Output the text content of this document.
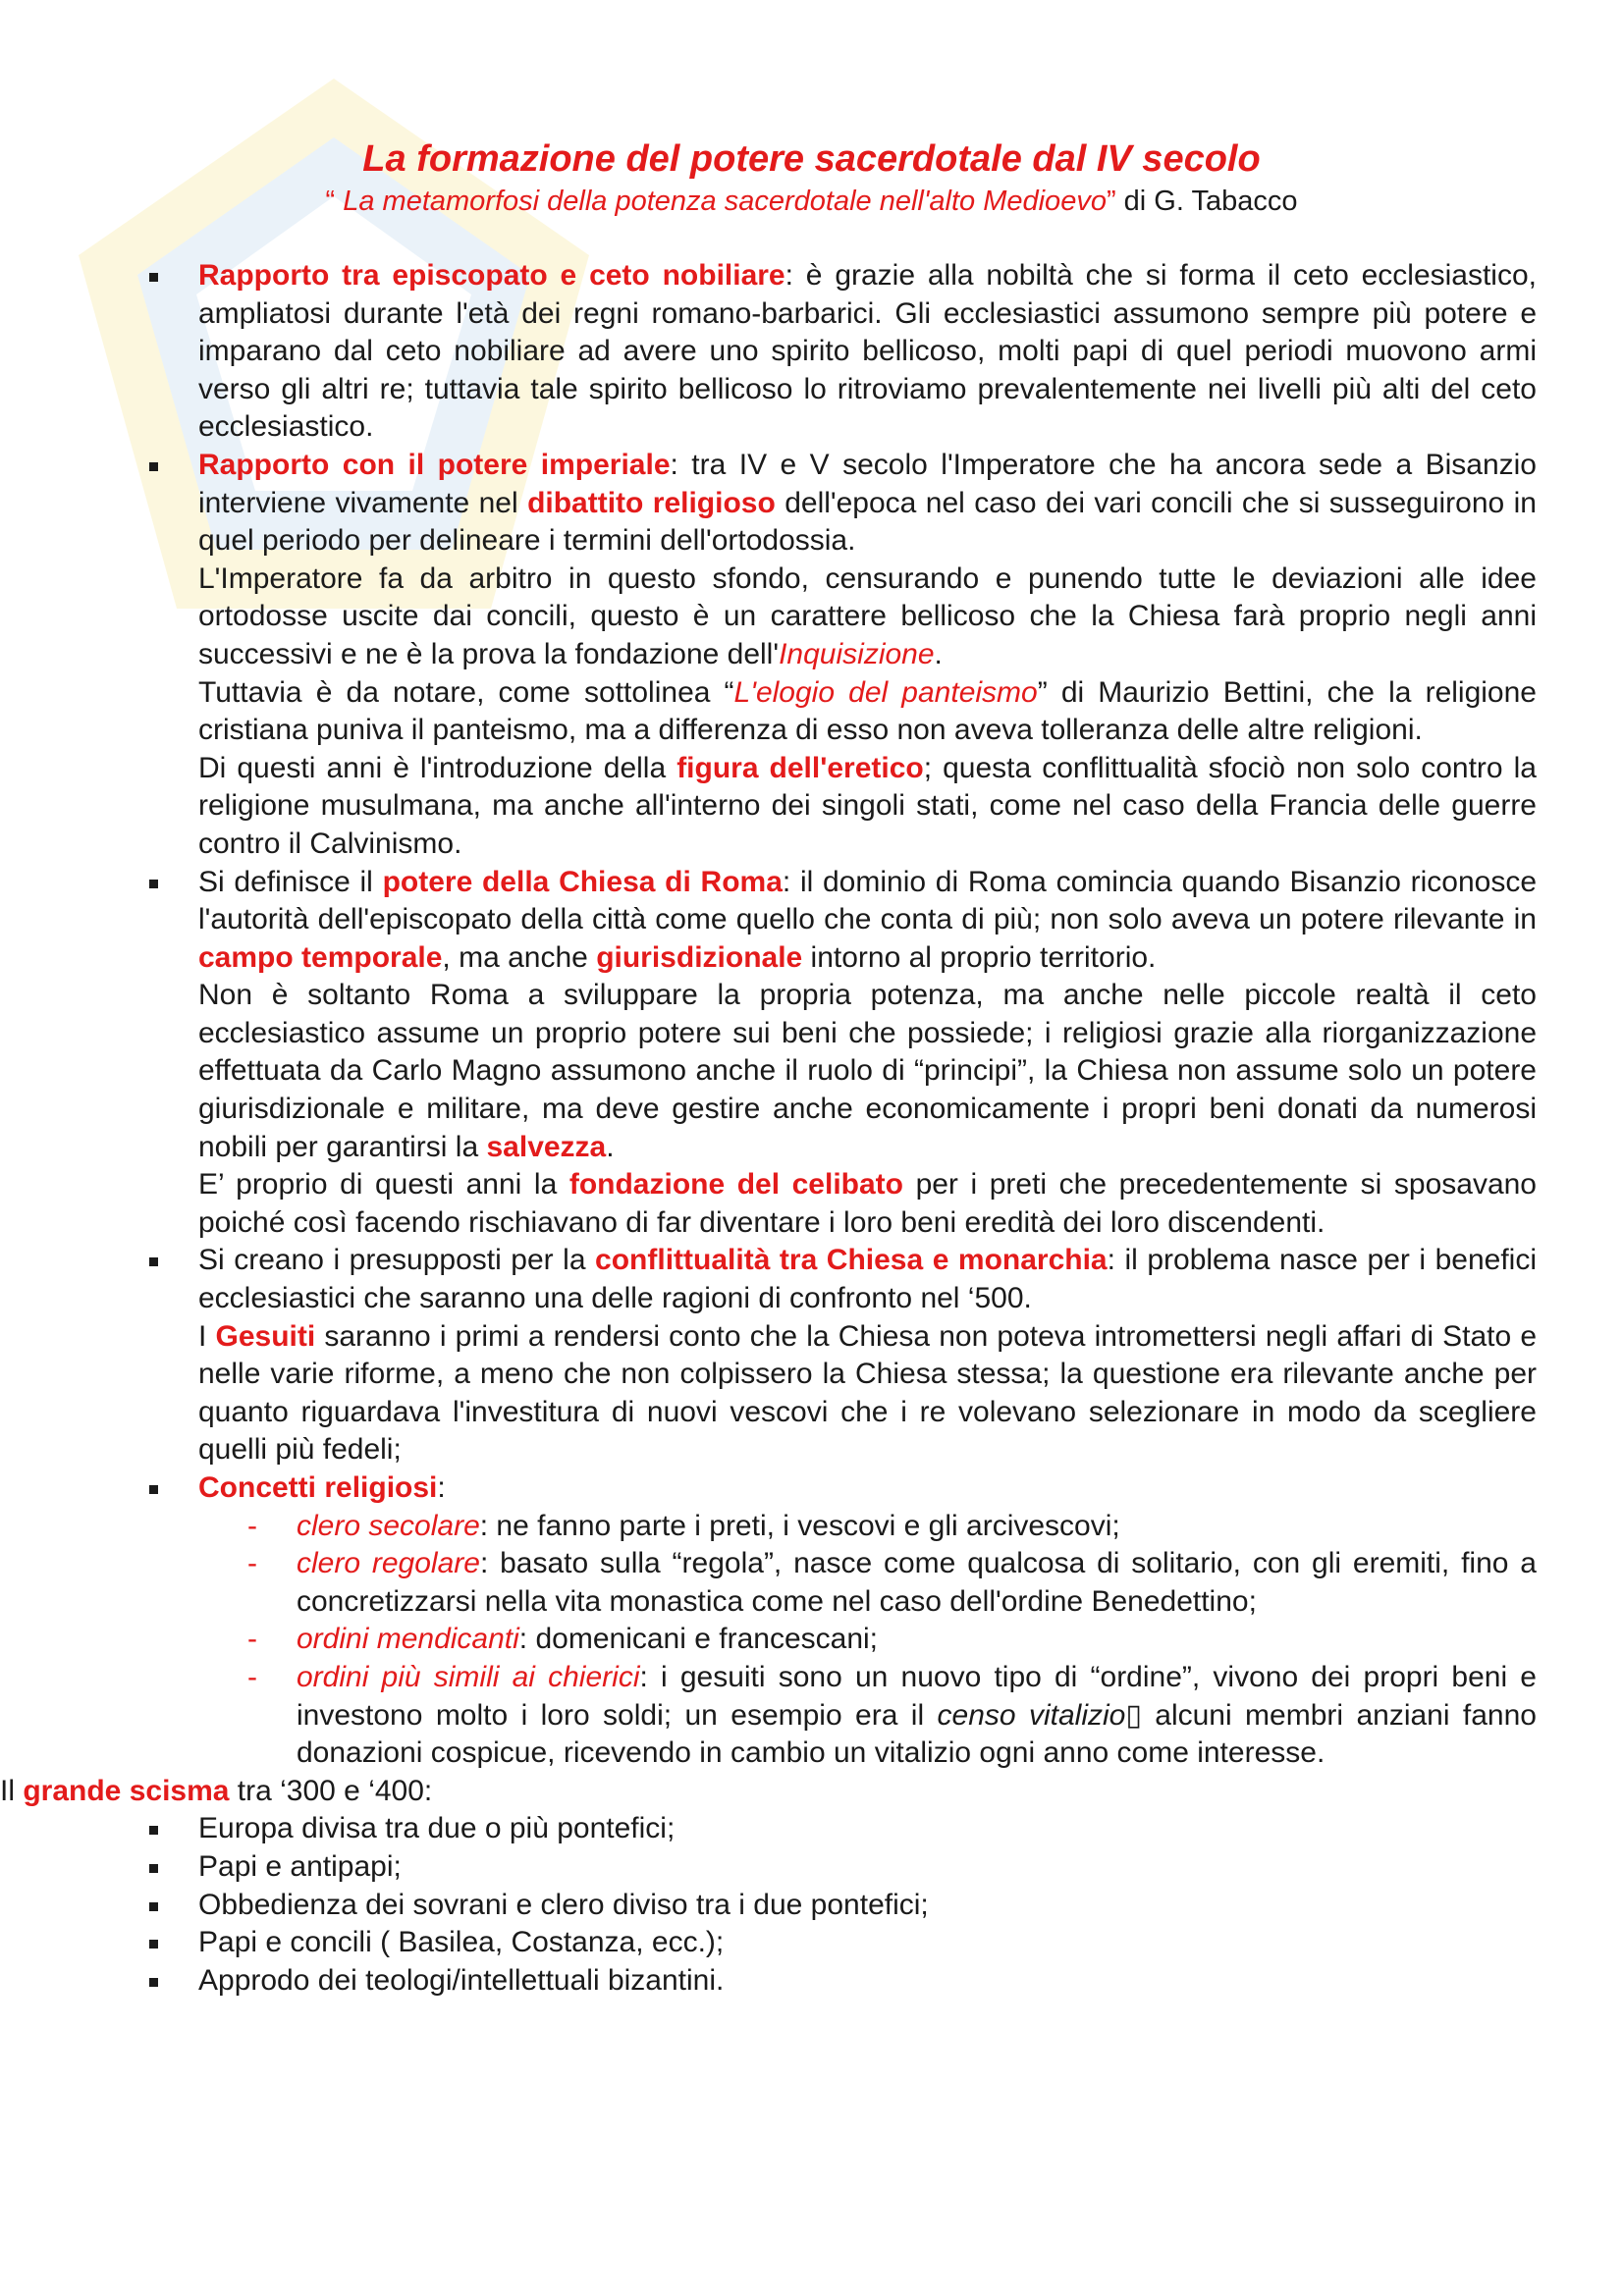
La formazione del potere sacerdotale dal IV secolo
“ La metamorfosi della potenza sacerdotale nell'alto Medioevo” di G. Tabacco
Rapporto tra episcopato e ceto nobiliare: è grazie alla nobiltà che si forma il ceto ecclesiastico, ampliatosi durante l'età dei regni romano-barbarici. Gli ecclesiastici assumono sempre più potere e imparano dal ceto nobiliare ad avere uno spirito bellicoso, molti papi di quel periodi muovono armi verso gli altri re; tuttavia tale spirito bellicoso lo ritroviamo prevalentemente nei livelli più alti del ceto ecclesiastico.

Rapporto con il potere imperiale: tra IV e V secolo l'Imperatore che ha ancora sede a Bisanzio interviene vivamente nel dibattito religioso dell'epoca nel caso dei vari concili che si susseguirono in quel periodo per delineare i termini dell'ortodossia.

L'Imperatore fa da arbitro in questo sfondo, censurando e punendo tutte le deviazioni alle idee ortodosse uscite dai concili, questo è un carattere bellicoso che la Chiesa farà proprio negli anni successivi e ne è la prova la fondazione dell'Inquisizione.

Tuttavia è da notare, come sottolinea “L'elogio del panteismo” di Maurizio Bettini, che la religione cristiana puniva il panteismo, ma a differenza di esso non aveva tolleranza delle altre religioni.

Di questi anni è l'introduzione della figura dell'eretico; questa conflittualità sfociò non solo contro la religione musulmana, ma anche all'interno dei singoli stati, come nel caso della Francia delle guerre contro il Calvinismo.

Si definisce il potere della Chiesa di Roma: il dominio di Roma comincia quando Bisanzio riconosce l'autorità dell'episcopato della città come quello che conta di più; non solo aveva un potere rilevante in campo temporale, ma anche giurisdizionale intorno al proprio territorio.

Non è soltanto Roma a sviluppare la propria potenza, ma anche nelle piccole realtà il ceto ecclesiastico assume un proprio potere sui beni che possiede; i religiosi grazie alla riorganizzazione effettuata da Carlo Magno assumono anche il ruolo di “principi”, la Chiesa non assume solo un potere giurisdizionale e militare, ma deve gestire anche economicamente i propri beni donati da numerosi nobili per garantirsi la salvezza.

E’ proprio di questi anni la fondazione del celibato per i preti che precedentemente si sposavano poiché così facendo rischiavano di far diventare i loro beni eredità dei loro discendenti.

Si creano i presupposti per la conflittualità tra Chiesa e monarchia: il problema nasce per i benefici ecclesiastici che saranno una delle ragioni di confronto nel ‘500.

I Gesuiti saranno i primi a rendersi conto che la Chiesa non poteva intromettersi negli affari di Stato e nelle varie riforme, a meno che non colpissero la Chiesa stessa; la questione era rilevante anche per quanto riguardava l'investitura di nuovi vescovi che i re volevano selezionare in modo da scegliere quelli più fedeli;

Concetti religiosi:
- clero secolare: ne fanno parte i preti, i vescovi e gli arcivescovi;
- clero regolare: basato sulla “regola”, nasce come qualcosa di solitario, con gli eremiti, fino a concretizzarsi nella vita monastica come nel caso dell'ordine Benedettino;
- ordini mendicanti: domenicani e francescani;
- ordini più simili ai chierici: i gesuiti sono un nuovo tipo di “ordine”, vivono dei propri beni e investono molto i loro soldi; un esempio era il censo vitalizio▯ alcuni membri anziani fanno donazioni cospicue, ricevendo in cambio un vitalizio ogni anno come interesse.

Il grande scisma tra ‘300 e ‘400:

Europa divisa tra due o più pontefici;
Papi e antipapi;
Obbedienza dei sovrani e clero diviso tra i due pontefici;
Papi e concili ( Basilea, Costanza, ecc.);
Approdo dei teologi/intellettuali bizantini.
